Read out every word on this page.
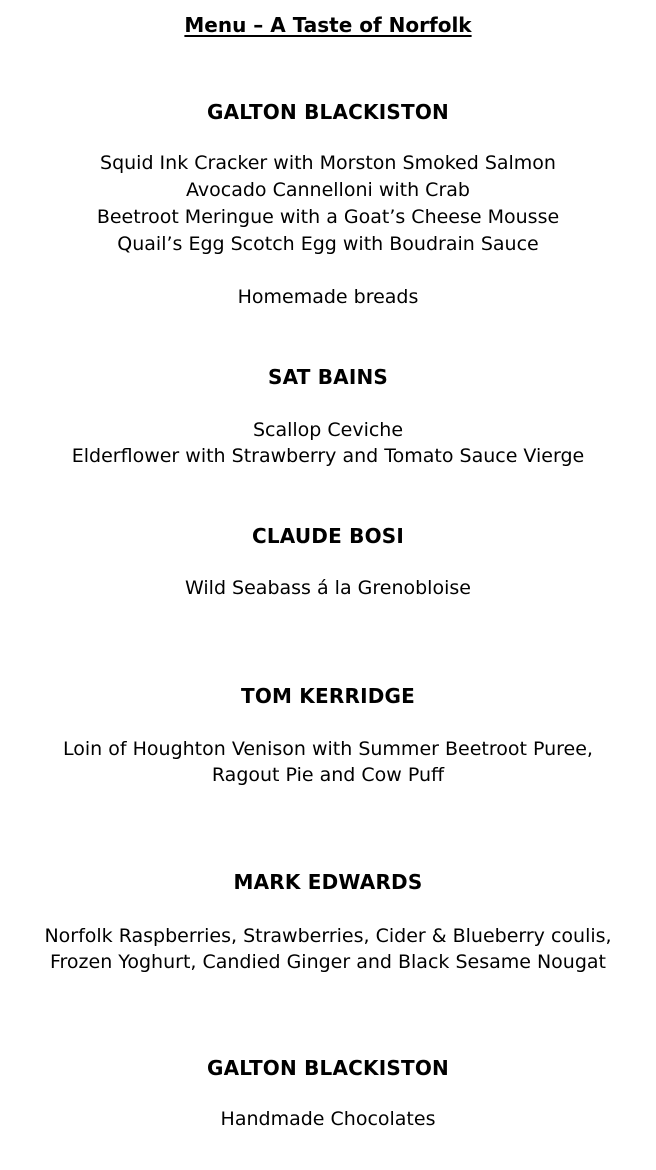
Menu – A Taste of Norfolk
GALTON BLACKISTON
Squid Ink Cracker with Morston Smoked Salmon
Avocado Cannelloni with Crab
Beetroot Meringue with a Goat’s Cheese Mousse
Quail’s Egg Scotch Egg with Boudrain Sauce
Homemade breads
SAT BAINS
Scallop Ceviche
Elderflower with Strawberry and Tomato Sauce Vierge
CLAUDE BOSI
Wild Seabass á la Grenobloise
TOM KERRIDGE
Loin of Houghton Venison with Summer Beetroot Puree,
Ragout Pie and Cow Puff
MARK EDWARDS
Norfolk Raspberries, Strawberries, Cider & Blueberry coulis,
Frozen Yoghurt, Candied Ginger and Black Sesame Nougat
GALTON BLACKISTON
Handmade Chocolates
